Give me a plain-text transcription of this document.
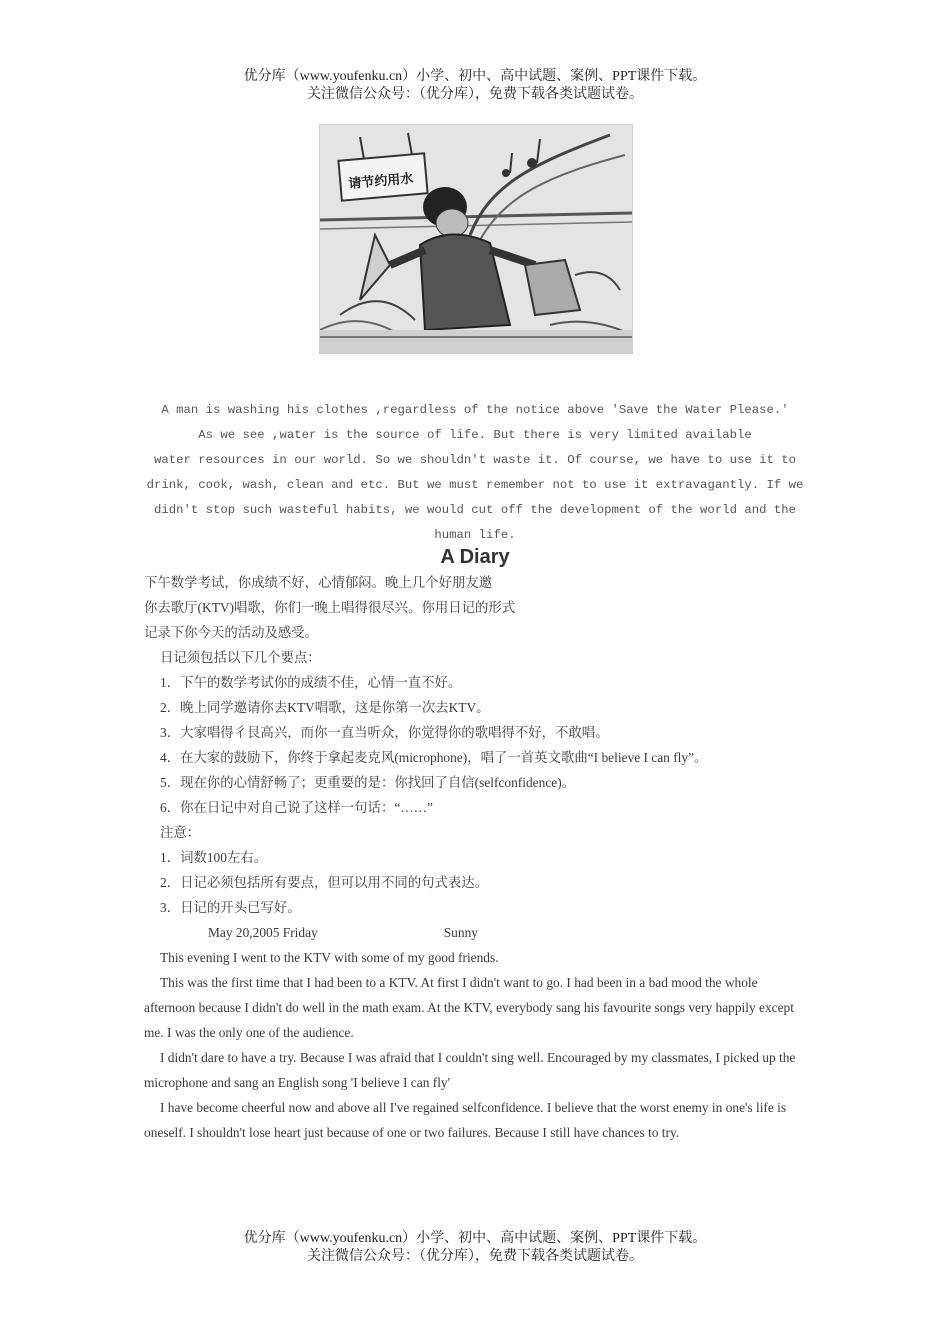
优分库（www.youfenku.cn）小学、初中、高中试题、案例、PPT课件下载。
关注微信公众号：（优分库），免费下载各类试题试卷。
请节约用水

A man is washing his clothes ,regardless of the notice above 'Save the Water Please.'

As we see ,water is the source of life. But there is very limited available

water resources in our world. So we shouldn't waste it. Of course, we have to use it to

drink, cook, wash, clean and etc. But we must remember not to use it extravagantly. If we

didn't stop such wasteful habits, we would cut off the development of the world and the

human life.

A Diary

下午数学考试，你成绩不好，心情郁闷。晚上几个好朋友邀

你去歌厅(KTV)唱歌，你们一晚上唱得很尽兴。你用日记的形式

记录下你今天的活动及感受。

日记须包括以下几个要点：

1．下午的数学考试你的成绩不佳，心情一直不好。

2．晚上同学邀请你去KTV唱歌，这是你第一次去KTV。

3．大家唱得彳艮高兴，而你一直当听众，你觉得你的歌唱得不好，不敢唱。

4．在大家的鼓励下，你终于拿起麦克风(microphone)，唱了一首英文歌曲“I believe I can fly”。

5．现在你的心情舒畅了；更重要的是：你找回了自信(selfconfidence)。

6．你在日记中对自己说了这样一句话：“……”

注意：

1．词数100左右。

2．日记必须包括所有要点，但可以用不同的句式表达。

3．日记的开头已写好。

May 20,2005 Friday	Sunny

This evening I went to the KTV with some of my good friends.

This was the first time that I had been to a KTV. At first I didn't want to go. I had been in a bad mood the whole afternoon because I didn't do well in the math exam. At the KTV, everybody sang his favourite songs very happily except me. I was the only one of the audience.

I didn't dare to have a try. Because I was afraid that I couldn't sing well. Encouraged by my classmates, I picked up the microphone and sang an English song 'I believe I can fly'

I have become cheerful now and above all I've regained selfconfidence. I believe that the worst enemy in one's life is oneself. I shouldn't lose heart just because of one or two failures. Because I still have chances to try.

优分库（www.youfenku.cn）小学、初中、高中试题、案例、PPT课件下载。
关注微信公众号：（优分库），免费下载各类试题试卷。
